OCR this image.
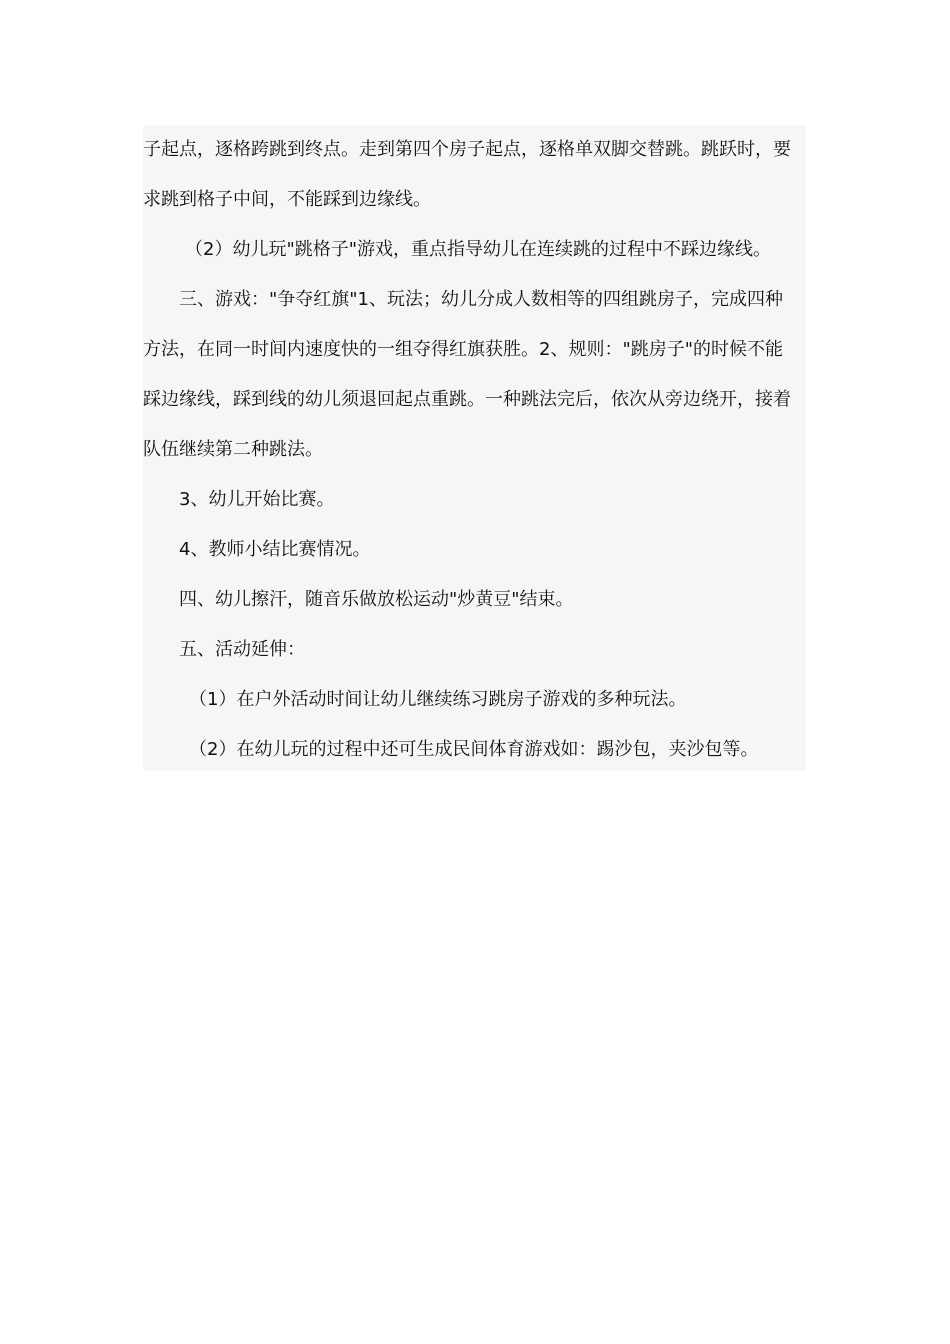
子起点，逐格跨跳到终点。走到第四个房子起点，逐格单双脚交替跳。跳跃时，要
求跳到格子中间，不能踩到边缘线。
（2）幼儿玩"跳格子"游戏，重点指导幼儿在连续跳的过程中不踩边缘线。
三、游戏："争夺红旗"1、玩法；幼儿分成人数相等的四组跳房子，完成四种
方法，在同一时间内速度快的一组夺得红旗获胜。2、规则："跳房子"的时候不能
踩边缘线，踩到线的幼儿须退回起点重跳。一种跳法完后，依次从旁边绕开，接着
队伍继续第二种跳法。
3、幼儿开始比赛。
4、教师小结比赛情况。
四、幼儿擦汗，随音乐做放松运动"炒黄豆"结束。
五、活动延伸：
（1）在户外活动时间让幼儿继续练习跳房子游戏的多种玩法。
（2）在幼儿玩的过程中还可生成民间体育游戏如：踢沙包，夹沙包等。
